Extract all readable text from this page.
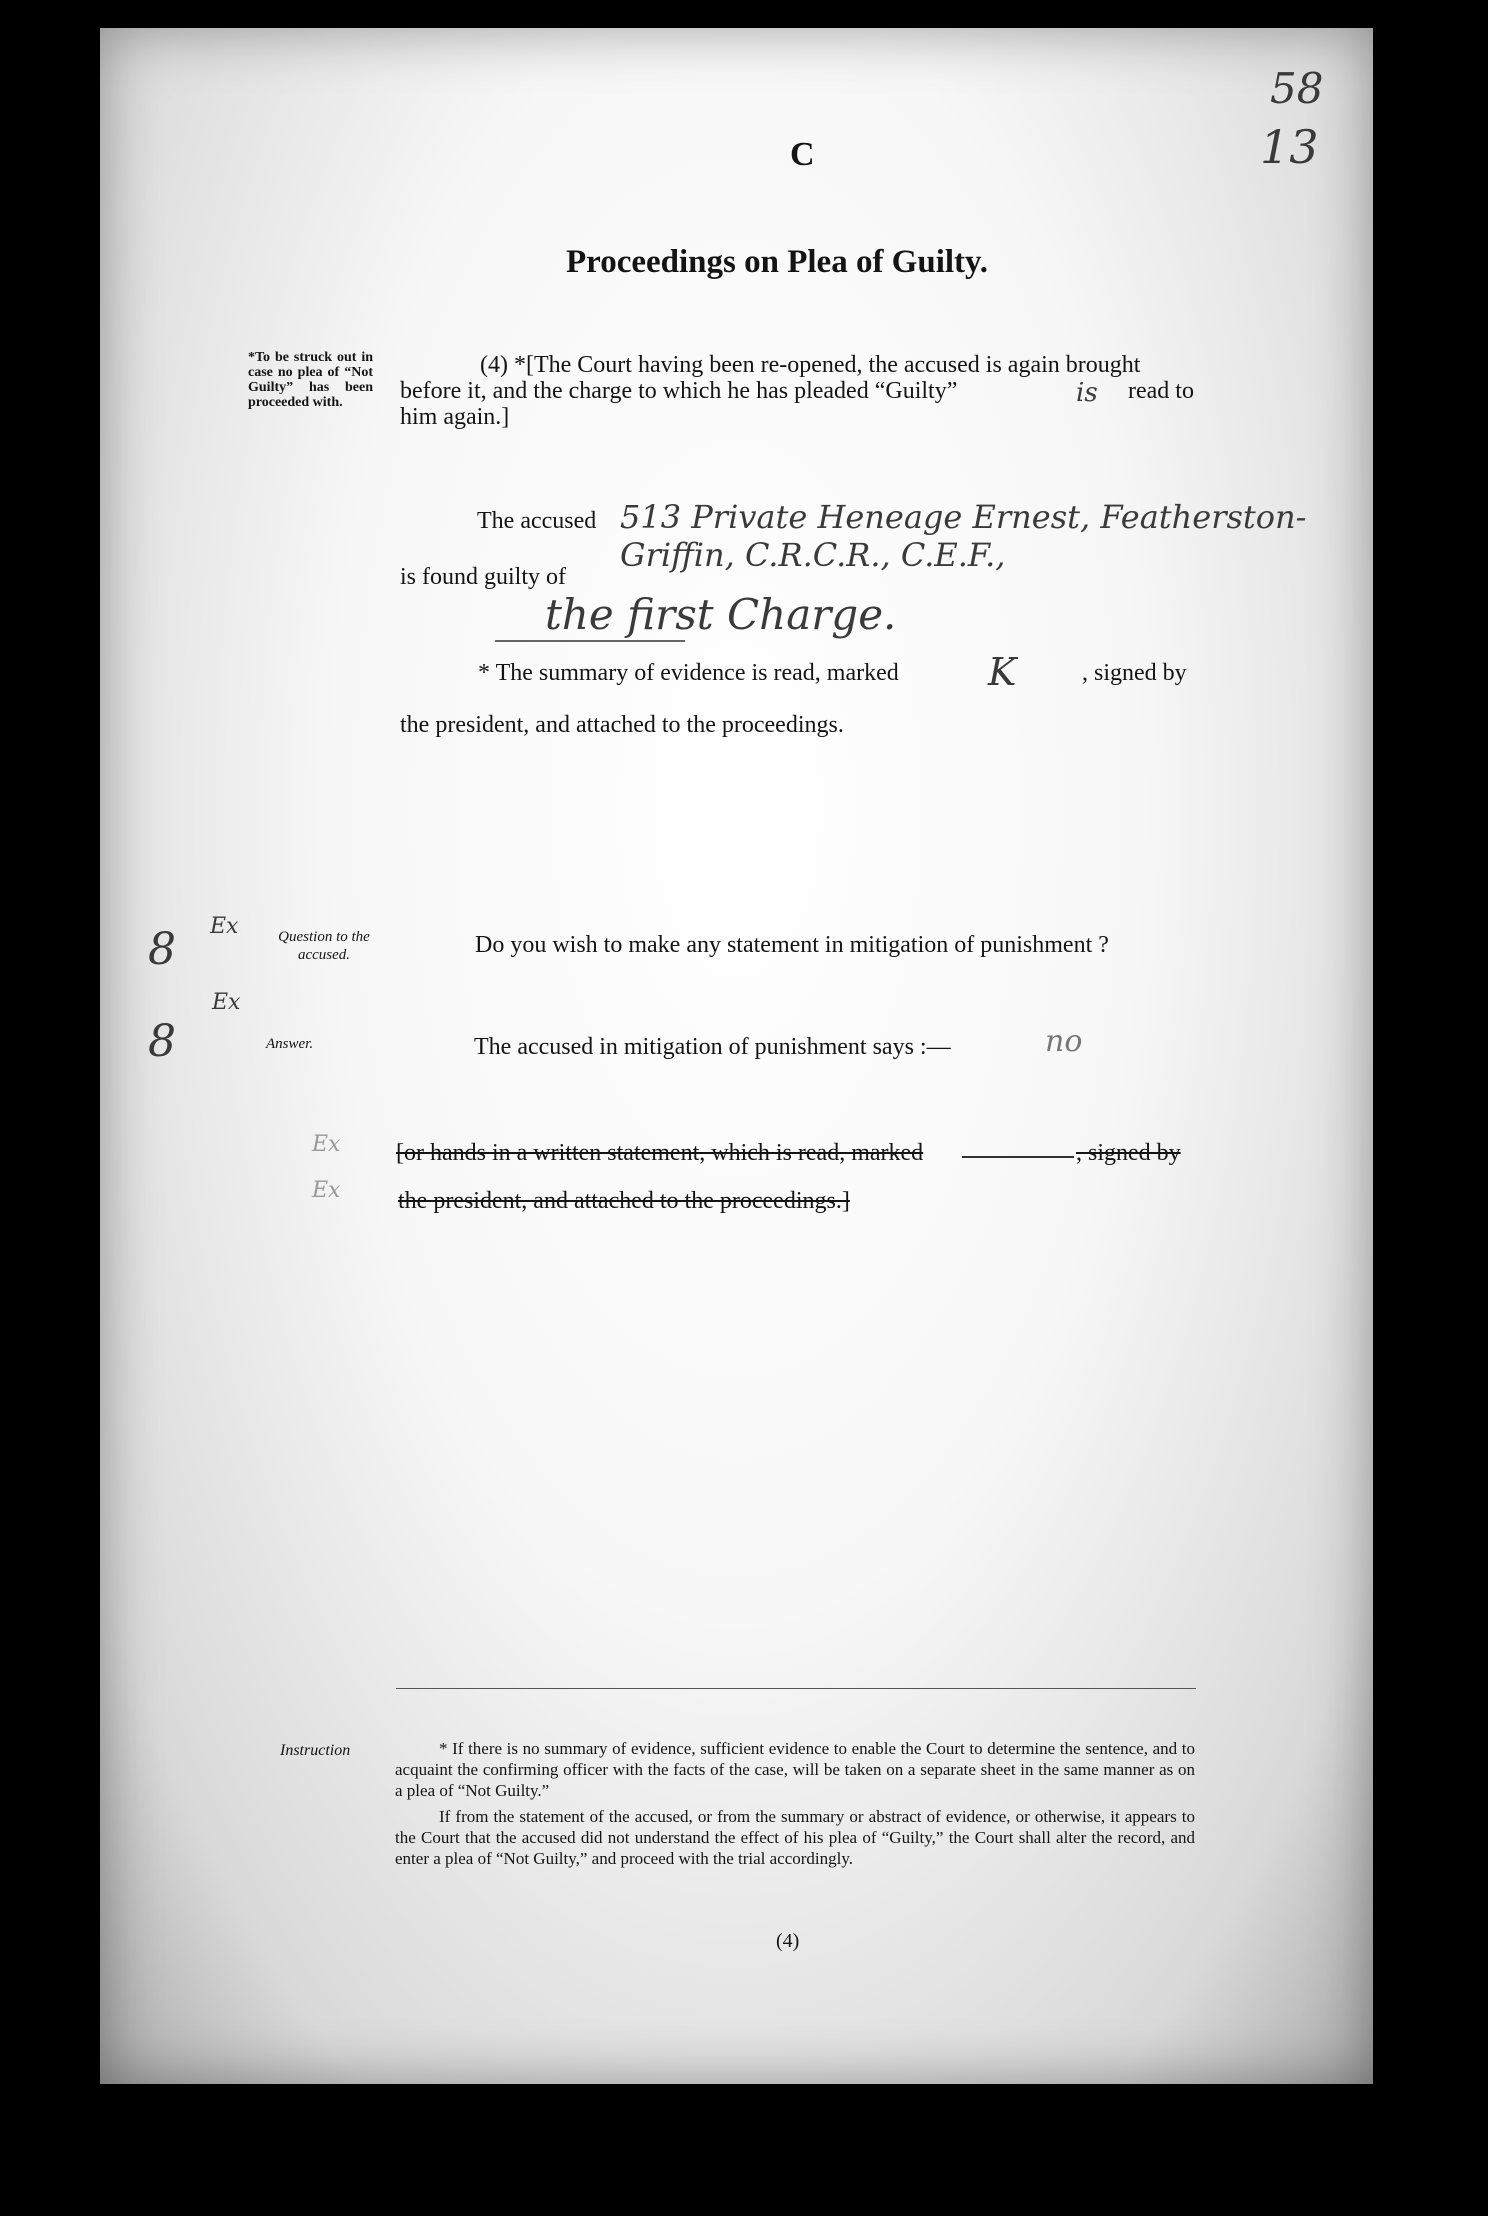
58
13
C
Proceedings on Plea of Guilty.
*To be struck out in case no plea of “Not Guilty” has been proceeded with.
(4) *[The Court having been re-opened, the accused is again brought
before it, and the charge to which he has pleaded “Guilty”	is read to
him again.]
The accused 513 Private Heneage Ernest, Featherston-
Griffin, C.R.C.R., C.E.F.,
is found guilty of
the first Charge.
* The summary of evidence is read, marked K	, signed by
the president, and attached to the proceedings.
Ex
8	Question to the accused.	Do you wish to make any statement in mitigation of punishment ?
Ex
8	Answer.	The accused in mitigation of punishment says :—	no
Ex
Ex
[or hands in a written statement, which is read, marked	, signed by
the president, and attached to the proceedings.]
Instruction	* If there is no summary of evidence, sufficient evidence to enable the Court to determine the sentence, and to acquaint the confirming officer with the facts of the case, will be taken on a separate sheet in the same manner as on a plea of “Not Guilty.”
If from the statement of the accused, or from the summary or abstract of evidence, or otherwise, it appears to the Court that the accused did not understand the effect of his plea of “Guilty,” the Court shall alter the record, and enter a plea of “Not Guilty,” and proceed with the trial accordingly.
(4)
